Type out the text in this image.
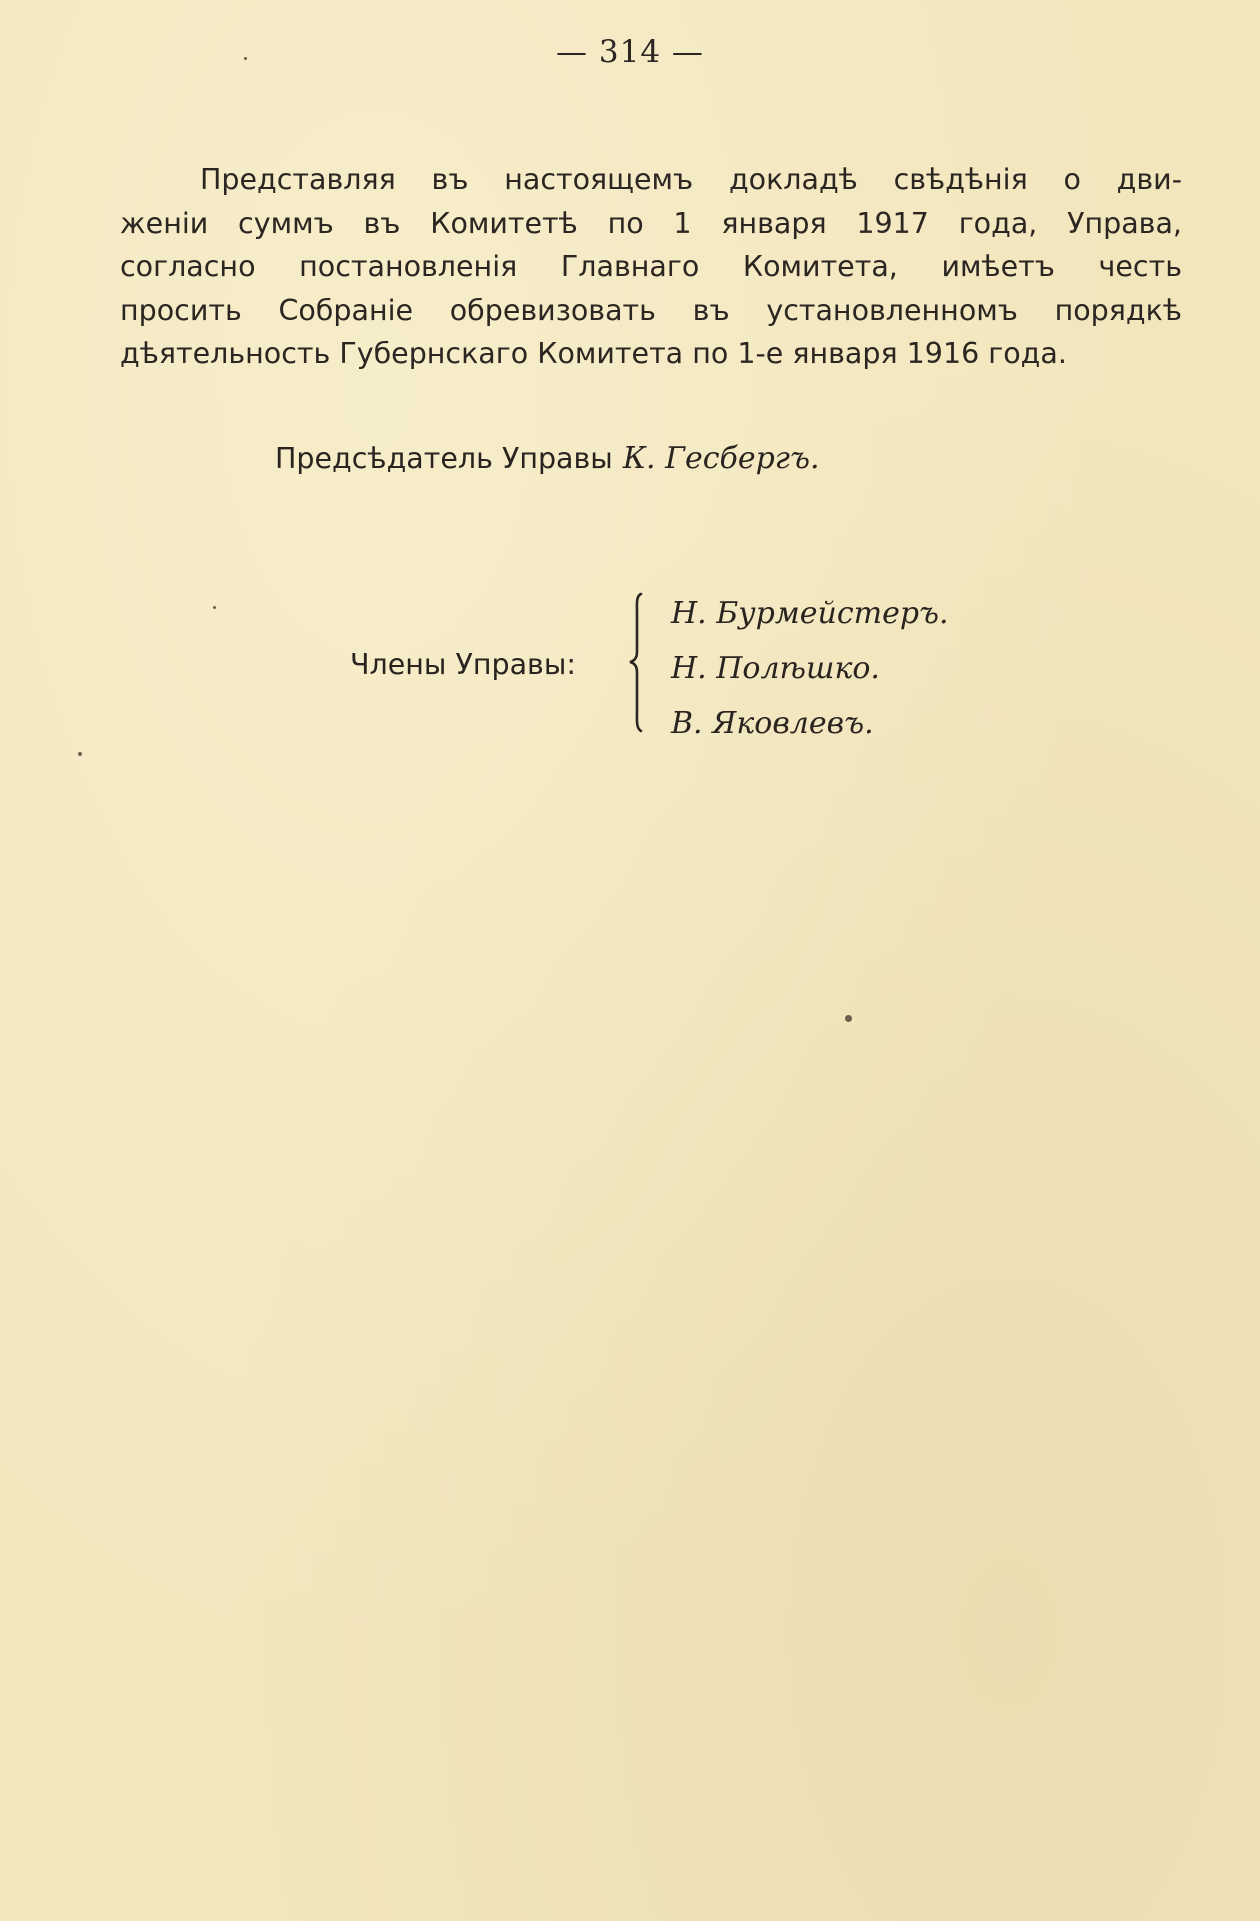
— 314 —
Представляя въ настоящемъ докладѣ свѣдѣнія о дви-
женіи суммъ въ Комитетѣ по 1 января 1917 года, Управа,
согласно постановленія Главнаго Комитета, имѣетъ честь
просить Собраніе обревизовать въ установленномъ порядкѣ
дѣятельность Губернскаго Комитета по 1-е января 1916 года.
Предсѣдатель Управы К. Гесбергъ.
Члены Управы:
Н. Бурмейстеръ.
Н. Полѣшко.
В. Яковлевъ.
